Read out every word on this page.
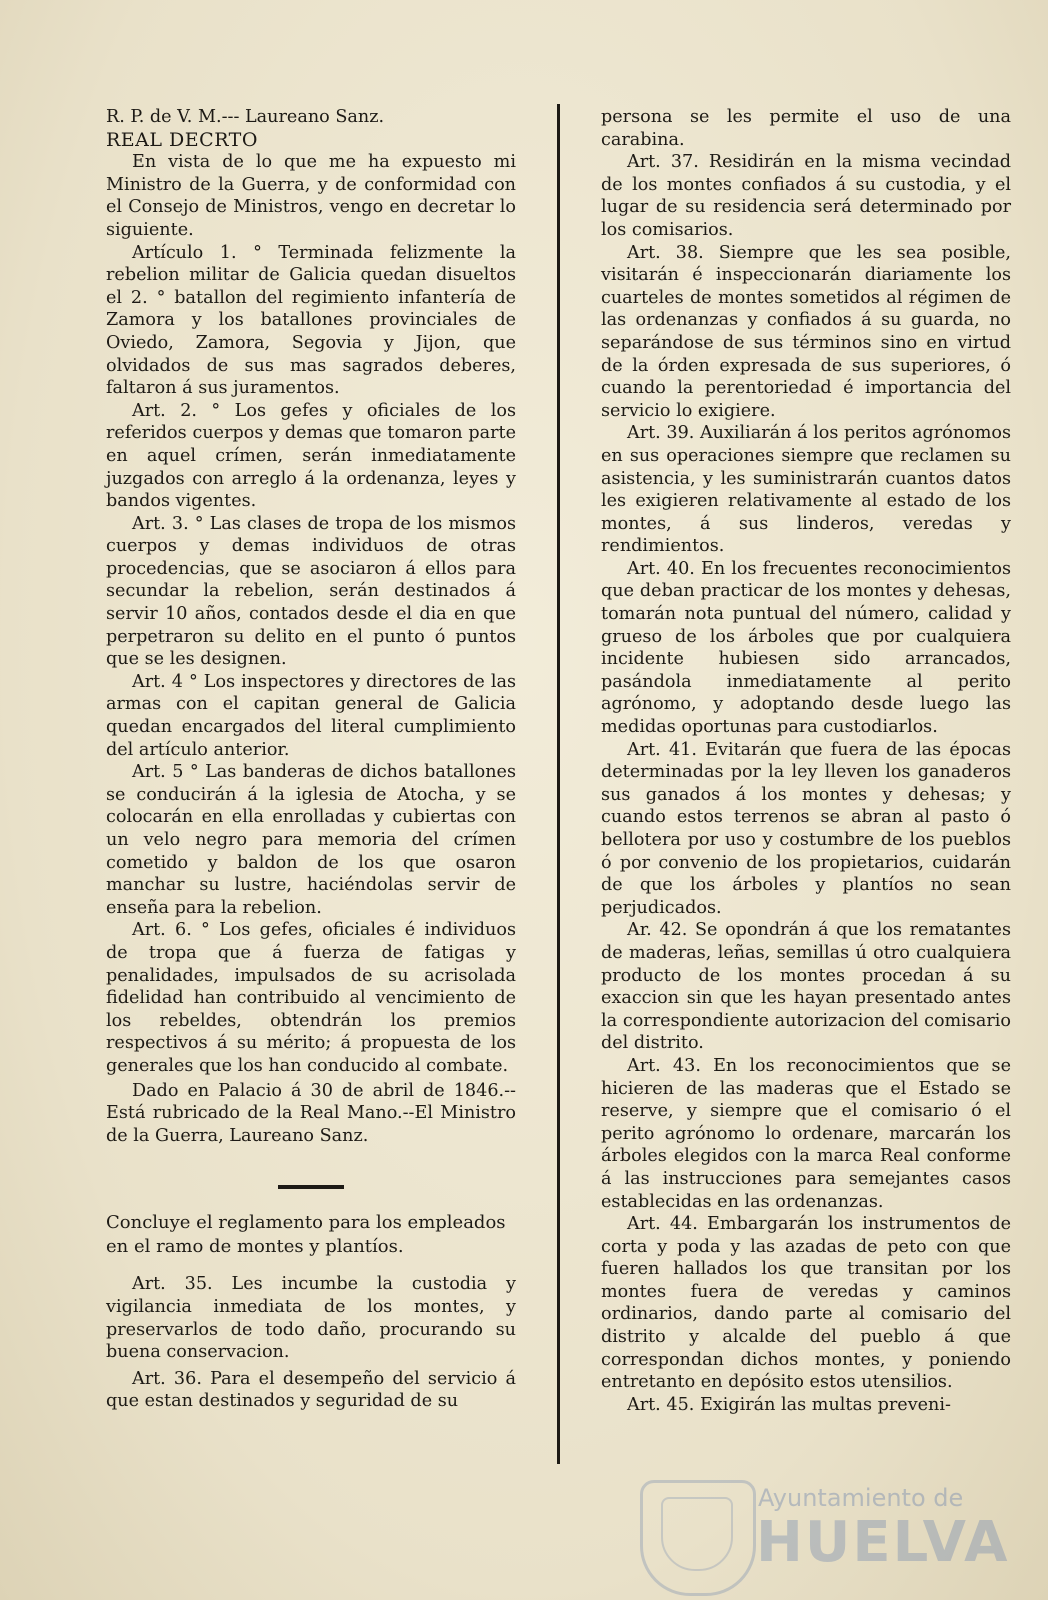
R. P. de V. M.--- Laureano Sanz.

REAL DECRTO

En vista de lo que me ha expuesto mi Ministro de la Guerra, y de conformidad con el Consejo de Ministros, vengo en decretar lo siguiente.

Artículo 1. ° Terminada felizmente la rebelion militar de Galicia quedan disueltos el 2. ° batallon del regimiento infantería de Zamora y los batallones provinciales de Oviedo, Zamora, Segovia y Jijon, que olvidados de sus mas sagrados deberes, faltaron á sus juramentos.

Art. 2. ° Los gefes y oficiales de los referidos cuerpos y demas que tomaron parte en aquel crímen, serán inmediatamente juzgados con arreglo á la ordenanza, leyes y bandos vigentes.

Art. 3. ° Las clases de tropa de los mismos cuerpos y demas individuos de otras procedencias, que se asociaron á ellos para secundar la rebelion, serán destinados á servir 10 años, contados desde el dia en que perpetraron su delito en el punto ó puntos que se les designen.

Art. 4 ° Los inspectores y directores de las armas con el capitan general de Galicia quedan encargados del literal cumplimiento del artículo anterior.

Art. 5 ° Las banderas de dichos batallones se conducirán á la iglesia de Atocha, y se colocarán en ella enrolladas y cubiertas con un velo negro para memoria del crímen cometido y baldon de los que osaron manchar su lustre, haciéndolas servir de enseña para la rebelion.

Art. 6. ° Los gefes, oficiales é individuos de tropa que á fuerza de fatigas y penalidades, impulsados de su acrisolada fidelidad han contribuido al vencimiento de los rebeldes, obtendrán los premios respectivos á su mérito; á propuesta de los generales que los han conducido al combate.

Dado en Palacio á 30 de abril de 1846.--Está rubricado de la Real Mano.--El Ministro de la Guerra, Laureano Sanz.

Concluye el reglamento para los empleados en el ramo de montes y plantíos.

Art. 35. Les incumbe la custodia y vigilancia inmediata de los montes, y preservarlos de todo daño, procurando su buena conservacion.

Art. 36. Para el desempeño del servicio á que estan destinados y seguridad de su

persona se les permite el uso de una carabina.

Art. 37. Residirán en la misma vecindad de los montes confiados á su custodia, y el lugar de su residencia será determinado por los comisarios.

Art. 38. Siempre que les sea posible, visitarán é inspeccionarán diariamente los cuarteles de montes sometidos al régimen de las ordenanzas y confiados á su guarda, no separándose de sus términos sino en virtud de la órden expresada de sus superiores, ó cuando la perentoriedad é importancia del servicio lo exigiere.

Art. 39. Auxiliarán á los peritos agrónomos en sus operaciones siempre que reclamen su asistencia, y les suministrarán cuantos datos les exigieren relativamente al estado de los montes, á sus linderos, veredas y rendimientos.

Art. 40. En los frecuentes reconocimientos que deban practicar de los montes y dehesas, tomarán nota puntual del número, calidad y grueso de los árboles que por cualquiera incidente hubiesen sido arrancados, pasándola inmediatamente al perito agrónomo, y adoptando desde luego las medidas oportunas para custodiarlos.

Art. 41. Evitarán que fuera de las épocas determinadas por la ley lleven los ganaderos sus ganados á los montes y dehesas; y cuando estos terrenos se abran al pasto ó bellotera por uso y costumbre de los pueblos ó por convenio de los propietarios, cuidarán de que los árboles y plantíos no sean perjudicados.

Ar. 42. Se opondrán á que los rematantes de maderas, leñas, semillas ú otro cualquiera producto de los montes procedan á su exaccion sin que les hayan presentado antes la correspondiente autorizacion del comisario del distrito.

Art. 43. En los reconocimientos que se hicieren de las maderas que el Estado se reserve, y siempre que el comisario ó el perito agrónomo lo ordenare, marcarán los árboles elegidos con la marca Real conforme á las instrucciones para semejantes casos establecidas en las ordenanzas.

Art. 44. Embargarán los instrumentos de corta y poda y las azadas de peto con que fueren hallados los que transitan por los montes fuera de veredas y caminos ordinarios, dando parte al comisario del distrito y alcalde del pueblo á que correspondan dichos montes, y poniendo entretanto en depósito estos utensilios.

Art. 45. Exigirán las multas preveni-

Ayuntamiento de
HUELVA
